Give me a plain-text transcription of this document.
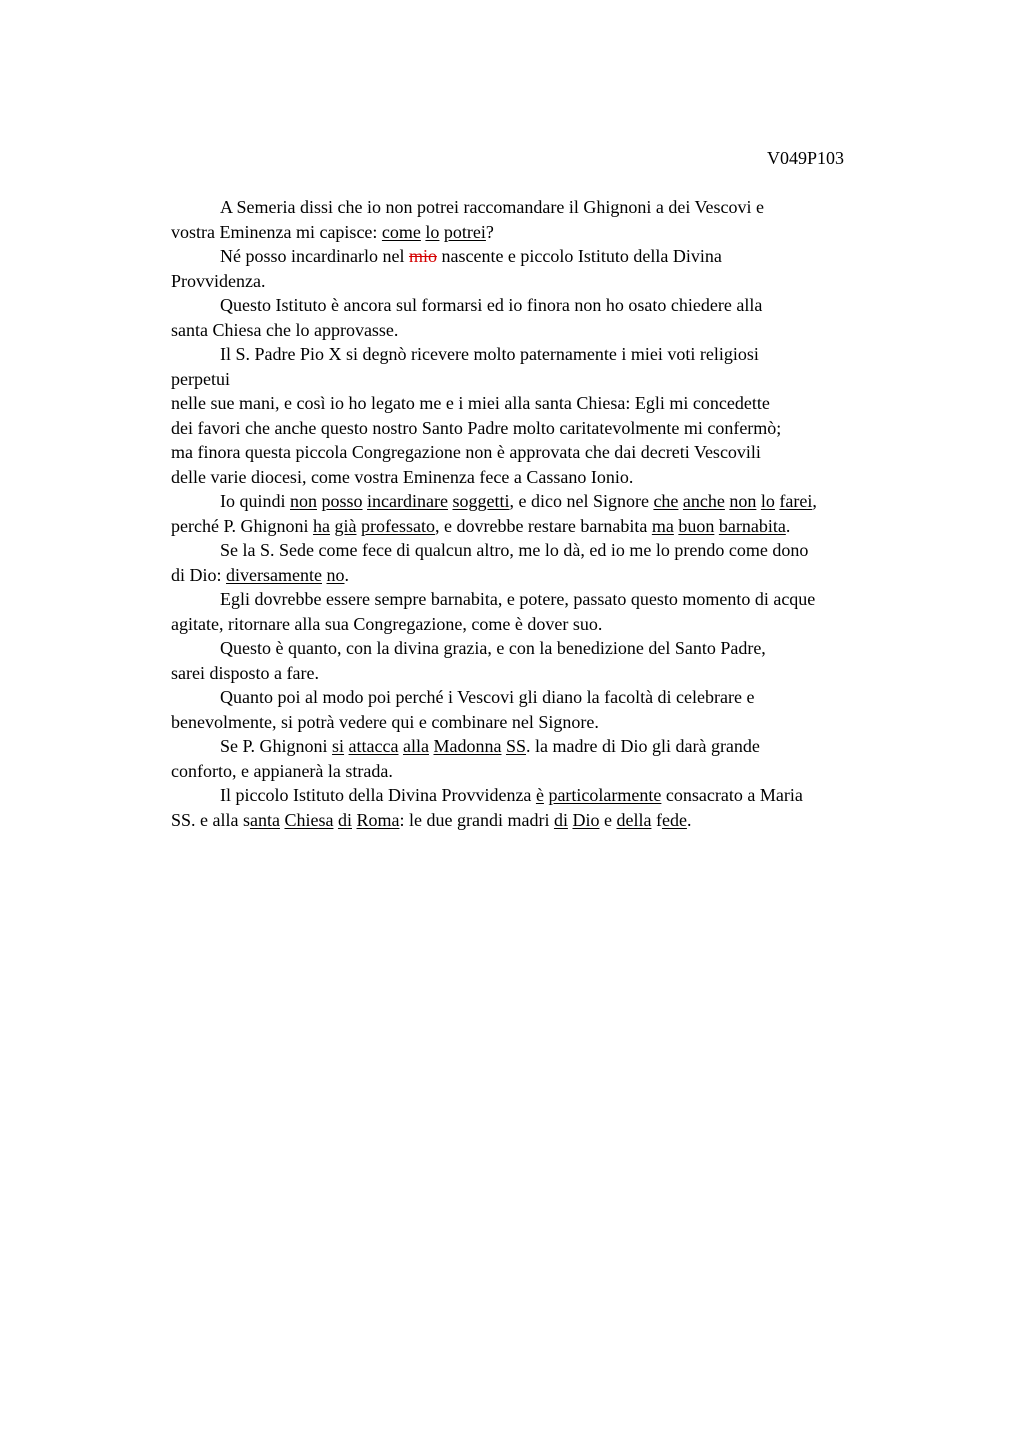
V049P103
A Semeria dissi che io non potrei raccomandare il Ghignoni a dei Vescovi e
vostra Eminenza mi capisce: come lo potrei?
Né posso incardinarlo nel mio nascente e piccolo Istituto della Divina
Provvidenza.
Questo Istituto è ancora sul formarsi ed io finora non ho osato chiedere alla
santa Chiesa che lo approvasse.
Il S. Padre Pio X si degnò ricevere molto paternamente i miei voti religiosi
perpetui
nelle sue mani, e così io ho legato me e i miei alla santa Chiesa: Egli mi concedette
dei favori che anche questo nostro Santo Padre molto caritatevolmente mi confermò;
ma finora questa piccola Congregazione non è approvata che dai decreti Vescovili
delle varie diocesi, come vostra Eminenza fece a Cassano Ionio.
Io quindi non posso incardinare soggetti, e dico nel Signore che anche non lo farei,
perché P. Ghignoni ha già professato, e dovrebbe restare barnabita ma buon barnabita.
Se la S. Sede come fece di qualcun altro, me lo dà, ed io me lo prendo come dono
di Dio: diversamente no.
Egli dovrebbe essere sempre barnabita, e potere, passato questo momento di acque
agitate, ritornare alla sua Congregazione, come è dover suo.
Questo è quanto, con la divina grazia, e con la benedizione del Santo Padre,
sarei disposto a fare.
Quanto poi al modo poi perché i Vescovi gli diano la facoltà di celebrare e
benevolmente, si potrà vedere qui e combinare nel Signore.
Se P. Ghignoni si attacca alla Madonna SS. la madre di Dio gli darà grande
conforto, e appianerà la strada.
Il piccolo Istituto della Divina Provvidenza è particolarmente consacrato a Maria
SS. e alla santa Chiesa di Roma: le due grandi madri di Dio e della fede.
